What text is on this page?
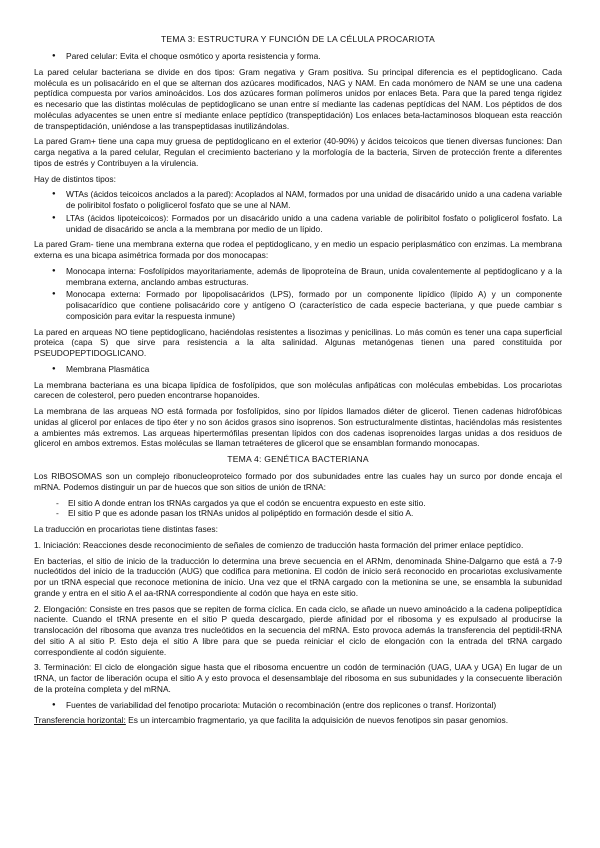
TEMA 3: ESTRUCTURA Y FUNCIÓN DE LA CÉLULA PROCARIOTA
● Pared celular: Evita el choque osmótico y aporta resistencia y forma.

La pared celular bacteriana se divide en dos tipos: Gram negativa y Gram positiva. Su principal diferencia es el peptidoglicano. Cada molécula es un polisacárido en el que se alternan dos azúcares modificados, NAG y NAM. En cada monómero de NAM se une una cadena peptídica compuesta por varios aminoácidos. Los dos azúcares forman polímeros unidos por enlaces Beta. Para que la pared tenga rigidez es necesario que las distintas moléculas de peptidoglicano se unan entre sí mediante las cadenas peptídicas del NAM. Los péptidos de dos moléculas adyacentes se unen entre sí mediante enlace peptídico (transpeptidación) Los enlaces beta-lactaminosos bloquean esta reacción de transpeptidación, uniéndose a las transpeptidasas inutilizándolas.

La pared Gram+ tiene una capa muy gruesa de peptidoglicano en el exterior (40-90%) y ácidos teicoicos que tienen diversas funciones: Dan carga negativa a la pared celular, Regulan el crecimiento bacteriano y la morfología de la bacteria, Sirven de protección frente a diferentes tipos de estrés y Contribuyen a la virulencia.

Hay de distintos tipos:

● WTAs (ácidos teicoicos anclados a la pared): Acoplados al NAM, formados por una unidad de disacárido unido a una cadena variable de poliribitol fosfato o poliglicerol fosfato que se une al NAM.
● LTAs (ácidos lipoteicoicos): Formados por un disacárido unido a una cadena variable de poliribitol fosfato o poliglicerol fosfato. La unidad de disacárido se ancla a la membrana por medio de un lípido.

La pared Gram- tiene una membrana externa que rodea el peptidoglicano, y en medio un espacio periplasmático con enzimas. La membrana externa es una bicapa asimétrica formada por dos monocapas:

● Monocapa interna: Fosfolípidos mayoritariamente, además de lipoproteína de Braun, unida covalentemente al peptidoglicano y a la membrana externa, anclando ambas estructuras.
● Monocapa externa: Formado por lipopolisacáridos (LPS), formado por un componente lipídico (lípido A) y un componente polisacarídico que contiene polisacárido core y antígeno O (característico de cada especie bacteriana, y que puede cambiar s composición para evitar la respuesta inmune)

La pared en arqueas NO tiene peptidoglicano, haciéndolas resistentes a lisozimas y penicilinas. Lo más común es tener una capa superficial proteica (capa S) que sirve para resistencia a la alta salinidad. Algunas metanógenas tienen una pared constituida por PSEUDOPEPTIDOGLICANO.

● Membrana Plasmática

La membrana bacteriana es una bicapa lipídica de fosfolípidos, que son moléculas anfipáticas con moléculas embebidas. Los procariotas carecen de colesterol, pero pueden encontrarse hopanoides.

La membrana de las arqueas NO está formada por fosfolípidos, sino por lípidos llamados diéter de glicerol. Tienen cadenas hidrofóbicas unidas al glicerol por enlaces de tipo éter y no son ácidos grasos sino isoprenos. Son estructuralmente distintas, haciéndolas más resistentes a ambientes más extremos. Las arqueas hipertermófilas presentan lípidos con dos cadenas isoprenoides largas unidas a dos residuos de glicerol en ambos extremos. Estas moléculas se llaman tetraéteres de glicerol que se ensamblan formando monocapas.

TEMA 4: GENÉTICA BACTERIANA

Los RIBOSOMAS son un complejo ribonucleoproteico formado por dos subunidades entre las cuales hay un surco por donde encaja el mRNA. Podemos distinguir un par de huecos que son sitios de unión de tRNA:

- El sitio A donde entran los tRNAs cargados ya que el codón se encuentra expuesto en este sitio.
- El sitio P que es adonde pasan los tRNAs unidos al polipéptido en formación desde el sitio A.

La traducción en procariotas tiene distintas fases:

1. Iniciación: Reacciones desde reconocimiento de señales de comienzo de traducción hasta formación del primer enlace peptídico.

En bacterias, el sitio de inicio de la traducción lo determina una breve secuencia en el ARNm, denominada Shine-Dalgarno que está a 7-9 nucleótidos del inicio de la traducción (AUG) que codifica para metionina. El codón de inicio será reconocido en procariotas exclusivamente por un tRNA especial que reconoce metionina de inicio. Una vez que el tRNA cargado con la metionina se une, se ensambla la subunidad grande y entra en el sitio A el aa-tRNA correspondiente al codón que haya en este sitio.

2. Elongación: Consiste en tres pasos que se repiten de forma cíclica. En cada ciclo, se añade un nuevo aminoácido a la cadena polipeptídica naciente. Cuando el tRNA presente en el sitio P queda descargado, pierde afinidad por el ribosoma y es expulsado al producirse la translocación del ribosoma que avanza tres nucleótidos en la secuencia del mRNA. Esto provoca además la transferencia del peptidil-tRNA del sitio A al sitio P. Esto deja el sitio A libre para que se pueda reiniciar el ciclo de elongación con la entrada del tRNA cargado correspondiente al codón siguiente.

3. Terminación: El ciclo de elongación sigue hasta que el ribosoma encuentre un codón de terminación (UAG, UAA y UGA) En lugar de un tRNA, un factor de liberación ocupa el sitio A y esto provoca el desensamblaje del ribosoma en sus subunidades y la consecuente liberación de la proteína completa y del mRNA.

● Fuentes de variabilidad del fenotipo procariota: Mutación o recombinación (entre dos replicones o transf. Horizontal)

Transferencia horizontal: Es un intercambio fragmentario, ya que facilita la adquisición de nuevos fenotipos sin pasar genomios.
